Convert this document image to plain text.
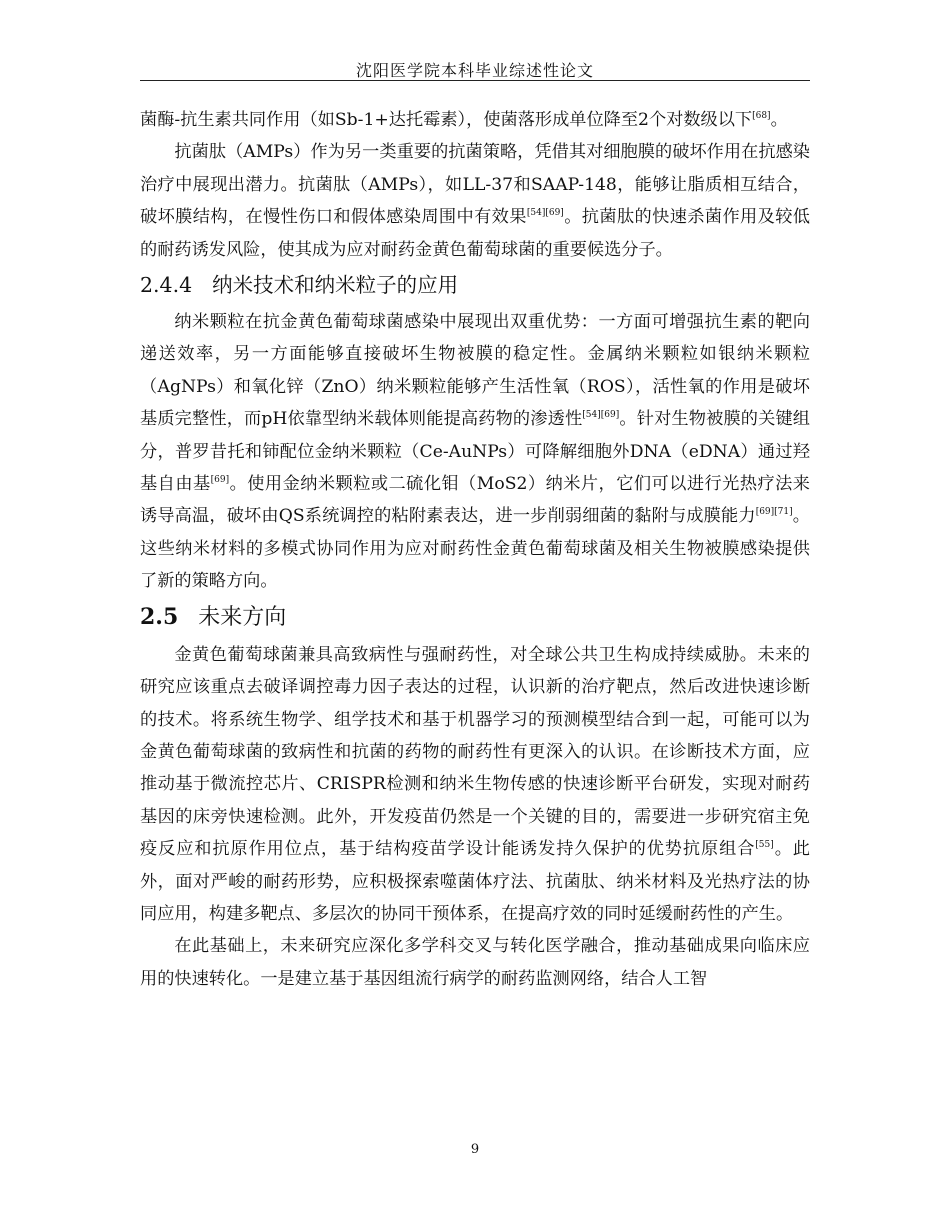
沈阳医学院本科毕业综述性论文

菌酶-抗生素共同作用（如Sb-1+达托霉素），使菌落形成单位降至2个对数级以下[68]。

抗菌肽（AMPs）作为另一类重要的抗菌策略，凭借其对细胞膜的破坏作用在抗感染治疗中展现出潜力。抗菌肽（AMPs），如LL-37和SAAP-148，能够让脂质相互结合，破坏膜结构，在慢性伤口和假体感染周围中有效果[54][69]。抗菌肽的快速杀菌作用及较低的耐药诱发风险，使其成为应对耐药金黄色葡萄球菌的重要候选分子。

2.4.4 纳米技术和纳米粒子的应用

纳米颗粒在抗金黄色葡萄球菌感染中展现出双重优势：一方面可增强抗生素的靶向递送效率，另一方面能够直接破坏生物被膜的稳定性。金属纳米颗粒如银纳米颗粒（AgNPs）和氧化锌（ZnO）纳米颗粒能够产生活性氧（ROS），活性氧的作用是破坏基质完整性，而pH依靠型纳米载体则能提高药物的渗透性[54][69]。针对生物被膜的关键组分，普罗昔托和铈配位金纳米颗粒（Ce-AuNPs）可降解细胞外DNA（eDNA）通过羟基自由基[69]。使用金纳米颗粒或二硫化钼（MoS2）纳米片，它们可以进行光热疗法来诱导高温，破坏由QS系统调控的粘附素表达，进一步削弱细菌的黏附与成膜能力[69][71]。这些纳米材料的多模式协同作用为应对耐药性金黄色葡萄球菌及相关生物被膜感染提供了新的策略方向。

2.5 未来方向

金黄色葡萄球菌兼具高致病性与强耐药性，对全球公共卫生构成持续威胁。未来的研究应该重点去破译调控毒力因子表达的过程，认识新的治疗靶点，然后改进快速诊断的技术。将系统生物学、组学技术和基于机器学习的预测模型结合到一起，可能可以为金黄色葡萄球菌的致病性和抗菌的药物的耐药性有更深入的认识。在诊断技术方面，应推动基于微流控芯片、CRISPR检测和纳米生物传感的快速诊断平台研发，实现对耐药基因的床旁快速检测。此外，开发疫苗仍然是一个关键的目的，需要进一步研究宿主免疫反应和抗原作用位点，基于结构疫苗学设计能诱发持久保护的优势抗原组合[55]。此外，面对严峻的耐药形势，应积极探索噬菌体疗法、抗菌肽、纳米材料及光热疗法的协同应用，构建多靶点、多层次的协同干预体系，在提高疗效的同时延缓耐药性的产生。

在此基础上，未来研究应深化多学科交叉与转化医学融合，推动基础成果向临床应用的快速转化。一是建立基于基因组流行病学的耐药监测网络，结合人工智

9
